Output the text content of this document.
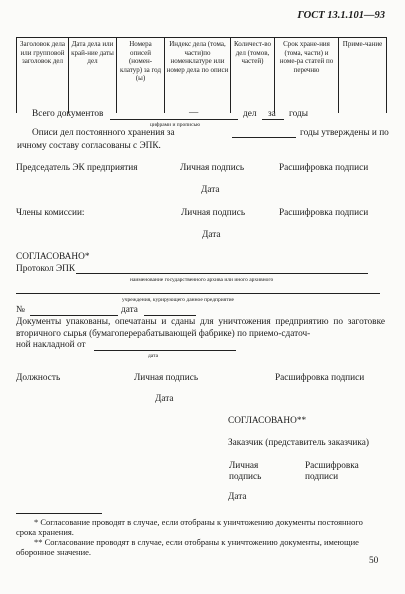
ГОСТ 13.1.101—93
Заголовок дела или групповой заголовок дел	Дата дела или край-ние даты дел	Номера описей (номен-клатур) за год (ы)	Индекс дела (тома, части)по номенклатуре или номер дела по описи	Количест-во дел (томов, частей)	Срок хране-ния (тома, части) и номе-ра статей по перечню	Приме-чание

Всего документов	—	дел за годы
цифрами и прописью
Описи дел постоянного хранения за	годы утверждены и по
ичному составу согласованы с ЭПК.
Председатель ЭК предприятия	Личная подпись	Расшифровка подписи
Дата
Члены комиссии:	Личная подпись	Расшифровка подписи
Дата
СОГЛАСОВАНО*
Протокол ЭПК
наименование государственного архива или иного архивного
учреждения, курирующего данное предприятие
№	дата
Документы упакованы, опечатаны и сданы для уничтожения предприятию по заготовке вторичного сырья (бумагоперерабатывающей фабрике) по приемо-сдаточ-
ной накладной от
дата
Должность	Личная подпись	Расшифровка подписи
Дата
СОГЛАСОВАНО**
Заказчик (представитель заказчика)
Личная
подпись
Расшифровка
подписи
Дата
* Согласование проводят в случае, если отобраны к уничтожению документы постоянного срока хранения.
** Согласование проводят в случае, если отобраны к уничтожению документы, имеющие оборонное значение.
50
